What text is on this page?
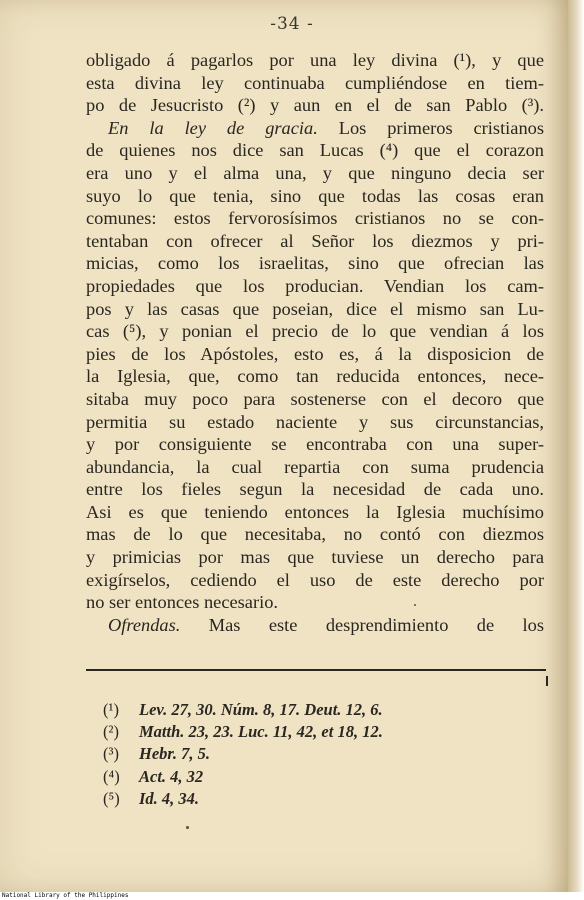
-34 -
obligado á pagarlos por una ley divina (¹), y que
esta divina ley continuaba cumpliéndose en tiem-
po de Jesucristo (²) y aun en el de san Pablo (³).
En la ley de gracia. Los primeros cristianos
de quienes nos dice san Lucas (⁴) que el corazon
era uno y el alma una, y que ninguno decia ser
suyo lo que tenia, sino que todas las cosas eran
comunes: estos fervorosísimos cristianos no se con-
tentaban con ofrecer al Señor los diezmos y pri-
micias, como los israelitas, sino que ofrecian las
propiedades que los producian. Vendian los cam-
pos y las casas que poseian, dice el mismo san Lu-
cas (⁵), y ponian el precio de lo que vendian á los
pies de los Apóstoles, esto es, á la disposicion de
la Iglesia, que, como tan reducida entonces, nece-
sitaba muy poco para sostenerse con el decoro que
permitia su estado naciente y sus circunstancias,
y por consiguiente se encontraba con una super-
abundancia, la cual repartia con suma prudencia
entre los fieles segun la necesidad de cada uno.
Asi es que teniendo entonces la Iglesia muchísimo
mas de lo que necesitaba, no contó con diezmos
y primicias por mas que tuviese un derecho para
exigírselos, cediendo el uso de este derecho por
no ser entonces necesario.
Ofrendas. Mas este desprendimiento de los
(¹) Lev. 27, 30. Núm. 8, 17. Deut. 12, 6.
(²) Matth. 23, 23. Luc. 11, 42, et 18, 12.
(³) Hebr. 7, 5.
(⁴) Act. 4, 32
(⁵) Id. 4, 34.
National Library of the Philippines
